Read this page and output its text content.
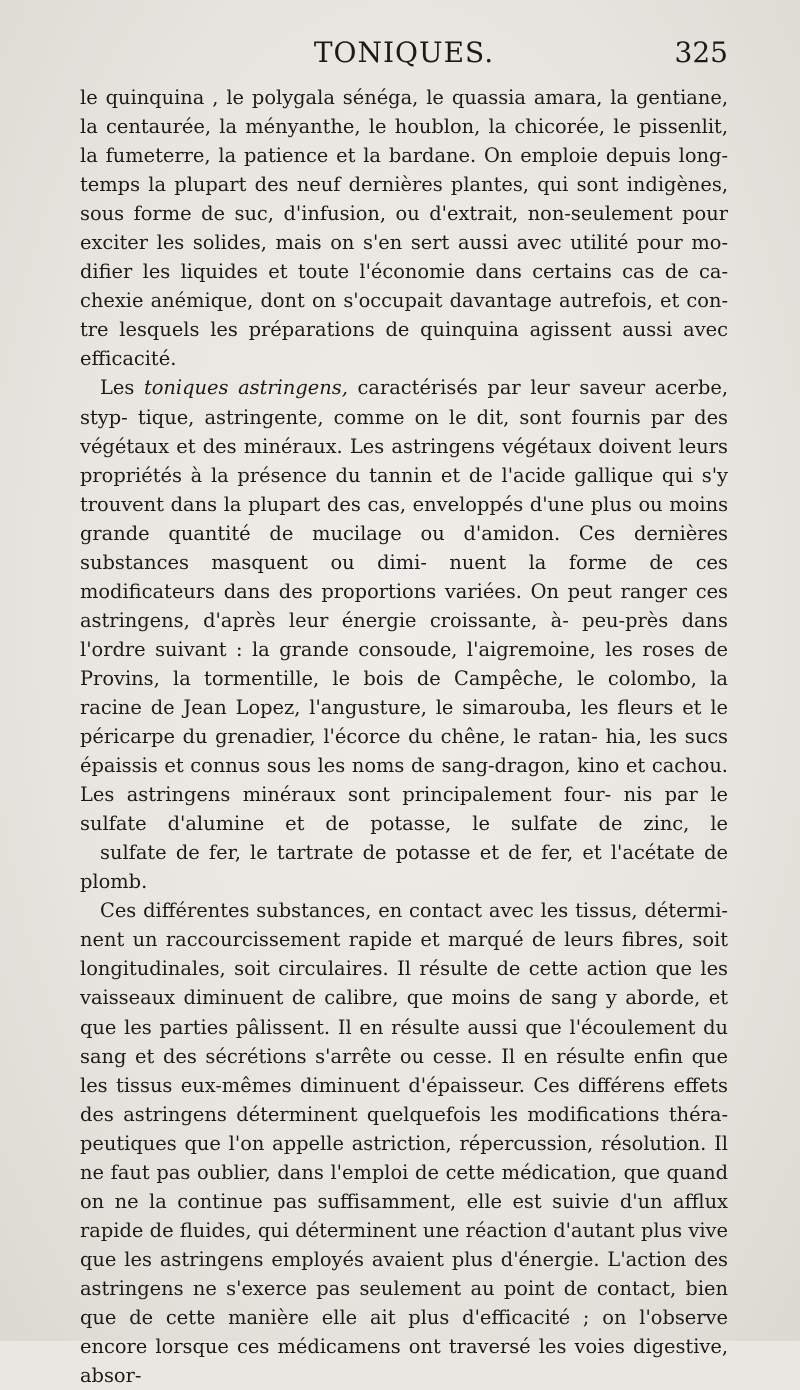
TONIQUES.	325

le quinquina , le polygala sénéga, le quassia amara, la gentiane, la centaurée, la ményanthe, le houblon, la chicorée, le pissenlit, la fumeterre, la patience et la bardane. On emploie depuis long- temps la plupart des neuf dernières plantes, qui sont indigènes, sous forme de suc, d'infusion, ou d'extrait, non-seulement pour exciter les solides, mais on s'en sert aussi avec utilité pour mo- difier les liquides et toute l'économie dans certains cas de ca- chexie anémique, dont on s'occupait davantage autrefois, et con- tre lesquels les préparations de quinquina agissent aussi avec
efficacité.

Les toniques astringens, caractérisés par leur saveur acerbe, styp- tique, astringente, comme on le dit, sont fournis par des végétaux et des minéraux. Les astringens végétaux doivent leurs propriétés à la présence du tannin et de l'acide gallique qui s'y trouvent dans la plupart des cas, enveloppés d'une plus ou moins grande quantité de mucilage ou d'amidon. Ces dernières substances masquent ou dimi- nuent la forme de ces modificateurs dans des proportions variées. On peut ranger ces astringens, d'après leur énergie croissante, à- peu-près dans l'ordre suivant : la grande consoude, l'aigremoine, les roses de Provins, la tormentille, le bois de Campêche, le colombo, la racine de Jean Lopez, l'angusture, le simarouba, les fleurs et le péricarpe du grenadier, l'écorce du chêne, le ratan- hia, les sucs épaissis et connus sous les noms de sang-dragon, kino et cachou. Les astringens minéraux sont principalement four- nis par le sulfate d'alumine et de potasse, le sulfate de zinc, le
sulfate de fer, le tartrate de potasse et de fer, et l'acétate de plomb.

Ces différentes substances, en contact avec les tissus, détermi- nent un raccourcissement rapide et marqué de leurs fibres, soit longitudinales, soit circulaires. Il résulte de cette action que les vaisseaux diminuent de calibre, que moins de sang y aborde, et que les parties pâlissent. Il en résulte aussi que l'écoulement du sang et des sécrétions s'arrête ou cesse. Il en résulte enfin que les tissus eux-mêmes diminuent d'épaisseur. Ces différens effets des astringens déterminent quelquefois les modifications théra- peutiques que l'on appelle astriction, répercussion, résolution. Il ne faut pas oublier, dans l'emploi de cette médication, que quand on ne la continue pas suffisamment, elle est suivie d'un afflux rapide de fluides, qui déterminent une réaction d'autant plus vive que les astringens employés avaient plus d'énergie. L'action des astringens ne s'exerce pas seulement au point de contact, bien que de cette manière elle ait plus d'efficacité ; on l'observe encore lorsque ces médicamens ont traversé les voies digestive, absor-
